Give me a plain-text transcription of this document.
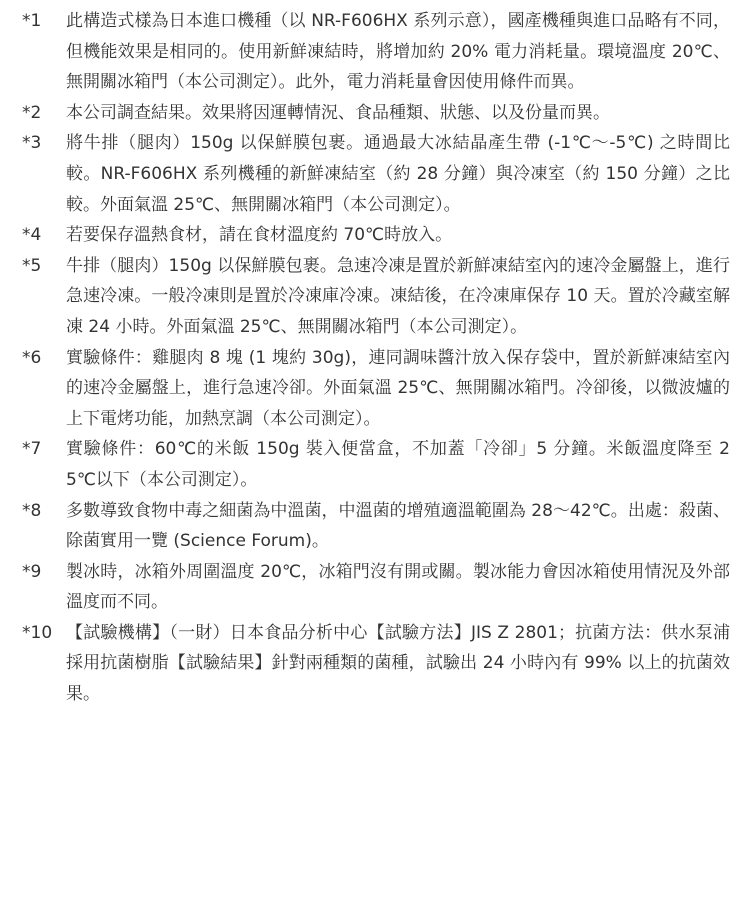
*1	此構造式樣為日本進口機種（以 NR-F606HX 系列示意），國產機種與進口品略有不同，但機能效果是相同的。使用新鮮凍結時，將增加約 20% 電力消耗量。環境溫度 20℃、無開關冰箱門（本公司測定）。此外，電力消耗量會因使用條件而異。
*2	本公司調查結果。效果將因運轉情況、食品種類、狀態、以及份量而異。
*3	將牛排（腿肉）150g 以保鮮膜包裹。通過最大冰結晶產生帶 (-1℃～-5℃) 之時間比較。NR-F606HX 系列機種的新鮮凍結室（約 28 分鐘）與冷凍室（約 150 分鐘）之比較。外面氣溫 25℃、無開關冰箱門（本公司測定）。
*4	若要保存溫熱食材，請在食材溫度約 70℃時放入。
*5	牛排（腿肉）150g 以保鮮膜包裹。急速冷凍是置於新鮮凍結室內的速冷金屬盤上，進行急速冷凍。一般冷凍則是置於冷凍庫冷凍。凍結後，在冷凍庫保存 10 天。置於冷藏室解凍 24 小時。外面氣溫 25℃、無開關冰箱門（本公司測定）。
*6	實驗條件：雞腿肉 8 塊 (1 塊約 30g)，連同調味醬汁放入保存袋中，置於新鮮凍結室內的速冷金屬盤上，進行急速冷卻。外面氣溫 25℃、無開關冰箱門。冷卻後，以微波爐的上下電烤功能，加熱烹調（本公司測定）。
*7	實驗條件：60℃的米飯 150g 裝入便當盒，不加蓋「冷卻」5 分鐘。米飯溫度降至 25℃以下（本公司測定）。
*8	多數導致食物中毒之細菌為中溫菌，中溫菌的增殖適溫範圍為 28～42℃。出處：殺菌、除菌實用一覽 (Science Forum)。
*9	製冰時，冰箱外周圍溫度 20℃，冰箱門沒有開或關。製冰能力會因冰箱使用情況及外部溫度而不同。
*10 【試驗機構】（一財）日本食品分析中心【試驗方法】JIS Z 2801；抗菌方法：供水泵浦採用抗菌樹脂【試驗結果】針對兩種類的菌種，試驗出 24 小時內有 99% 以上的抗菌效果。
